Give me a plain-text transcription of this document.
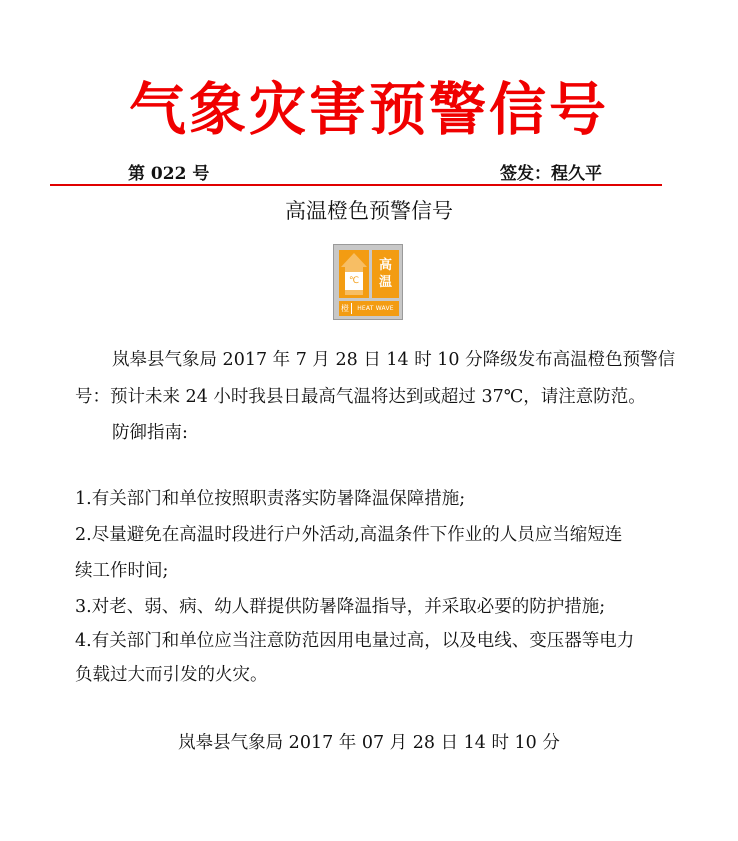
气象灾害预警信号
第 022 号	签发：程久平
高温橙色预警信号
℃
高
温
橙	HEAT WAVE
岚皋县气象局 2017 年 7 月 28 日 14 时 10 分降级发布高温橙色预警信
号：预计未来 24 小时我县日最高气温将达到或超过 37℃，请注意防范。
防御指南:
1.有关部门和单位按照职责落实防暑降温保障措施;
2.尽量避免在高温时段进行户外活动,高温条件下作业的人员应当缩短连
续工作时间;
3.对老、弱、病、幼人群提供防暑降温指导，并采取必要的防护措施;
4.有关部门和单位应当注意防范因用电量过高，以及电线、变压器等电力
负载过大而引发的火灾。
岚皋县气象局 2017 年 07 月 28 日 14 时 10 分
